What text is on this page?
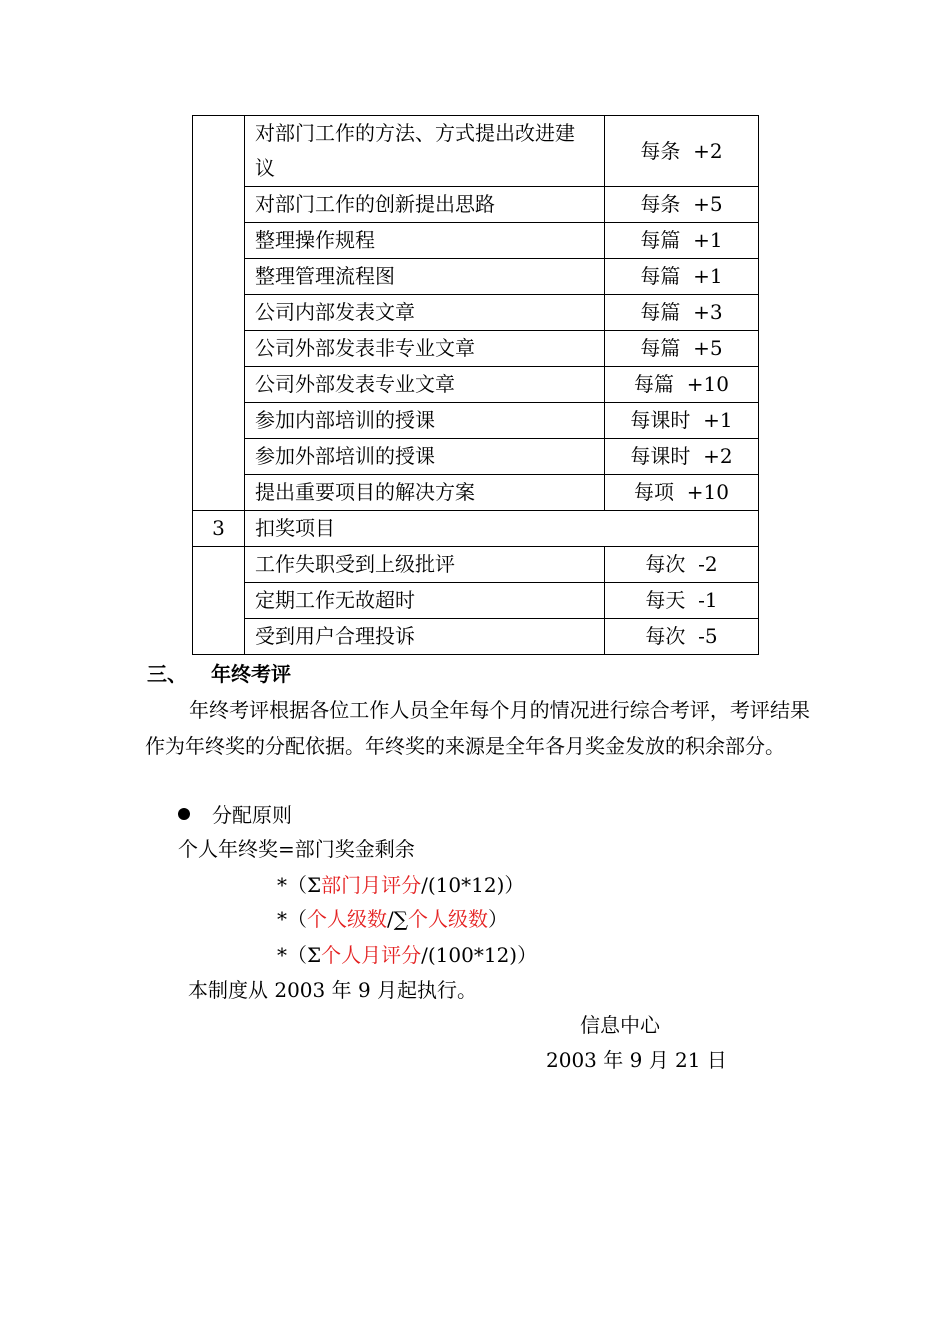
	对部门工作的方法、方式提出改进建议	每条  +2
	对部门工作的创新提出思路	每条  +5
	整理操作规程	每篇  +1
	整理管理流程图	每篇  +1
	公司内部发表文章	每篇  +3
	公司外部发表非专业文章	每篇  +5
	公司外部发表专业文章	每篇  +10
	参加内部培训的授课	每课时  +1
	参加外部培训的授课	每课时  +2
	提出重要项目的解决方案	每项  +10
3	扣奖项目	
	工作失职受到上级批评	每次  -2
	定期工作无故超时	每天  -1
	受到用户合理投诉	每次  -5
三、 年终考评
年终考评根据各位工作人员全年每个月的情况进行综合考评，考评结果作为年终奖的分配依据。年终奖的来源是全年各月奖金发放的积余部分。
分配原则
个人年终奖=部门奖金剩余
*（Σ部门月评分/(10*12)）
*（个人级数/∑个人级数）
*（Σ个人月评分/(100*12)）
本制度从 2003 年 9 月起执行。
信息中心
2003 年 9 月 21 日
